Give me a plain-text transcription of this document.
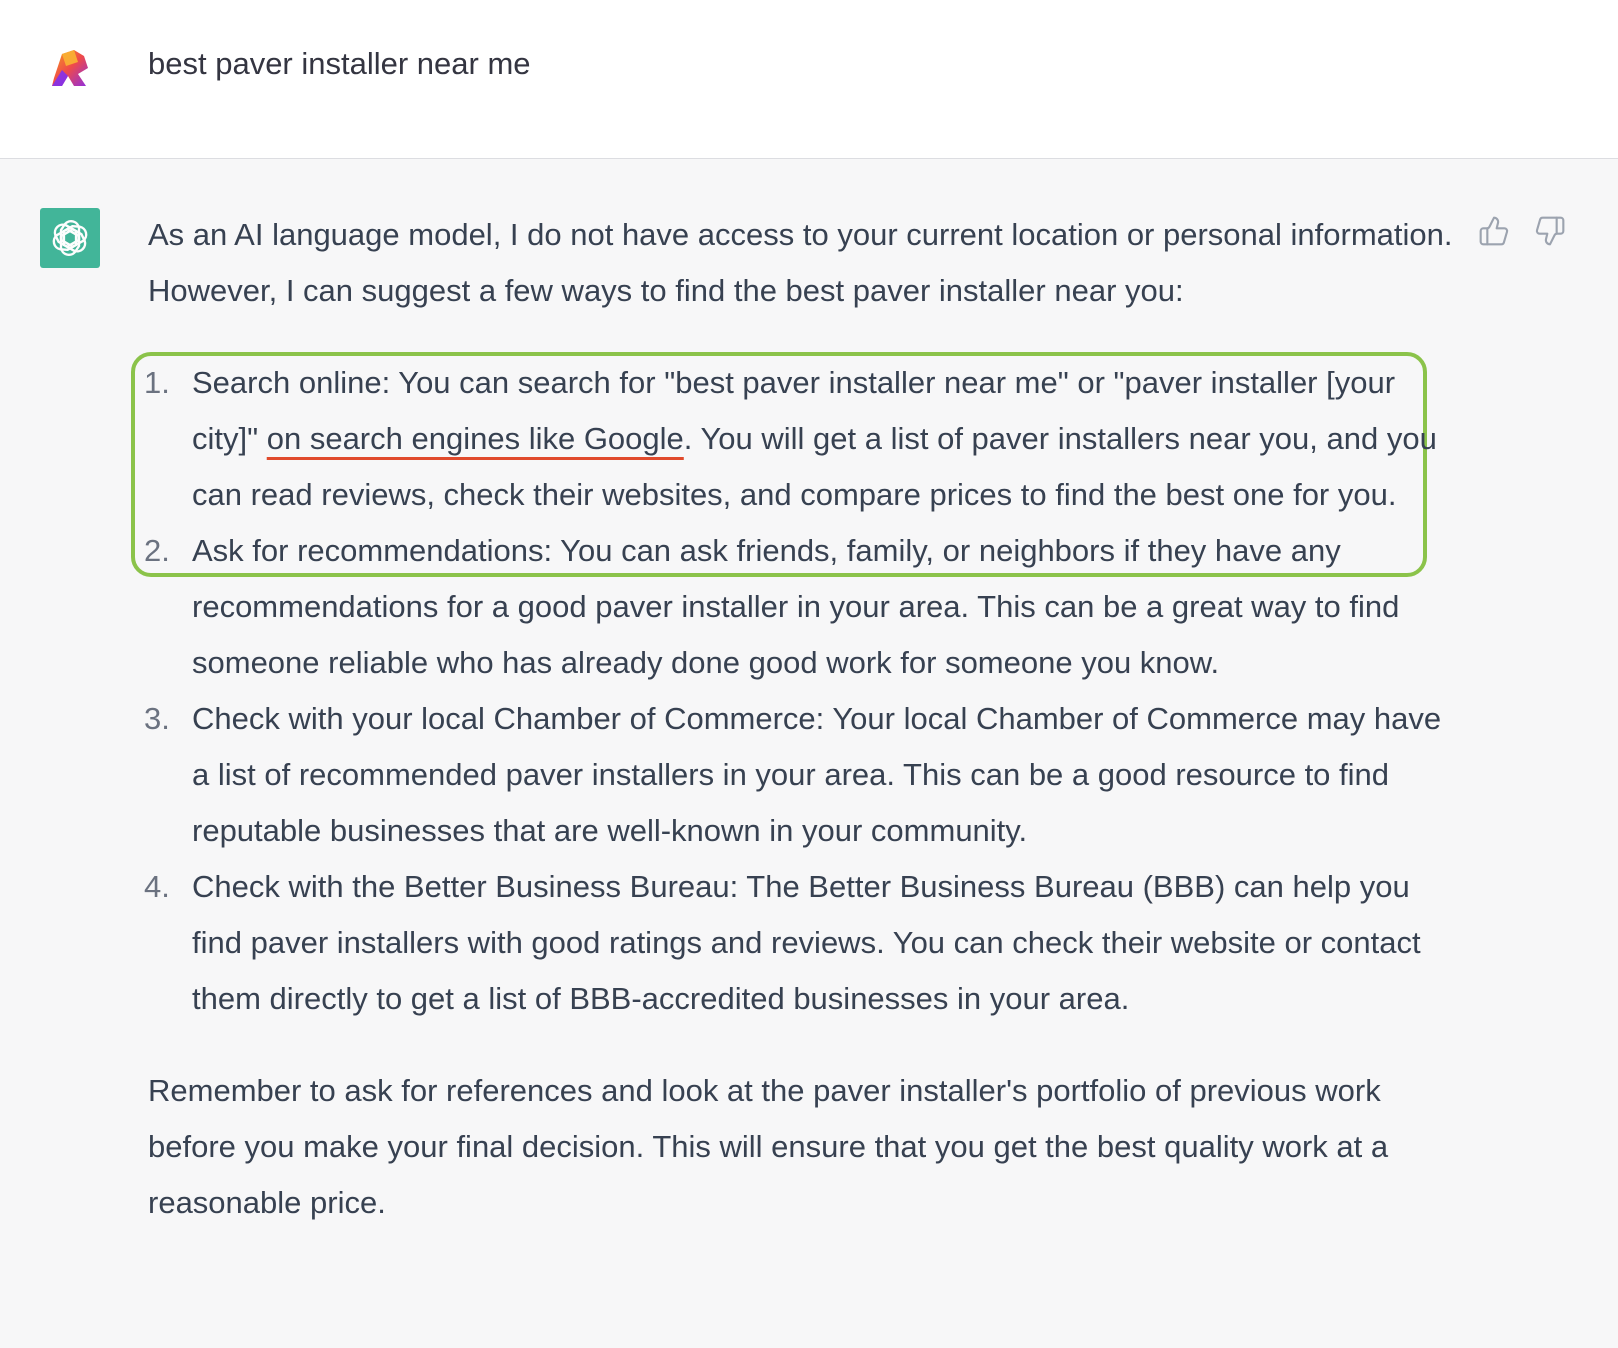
best paver installer near me

As an AI language model, I do not have access to your current location or personal information. However, I can suggest a few ways to find the best paver installer near you:

1. Search online: You can search for "best paver installer near me" or "paver installer [your city]" on search engines like Google. You will get a list of paver installers near you, and you can read reviews, check their websites, and compare prices to find the best one for you.
2. Ask for recommendations: You can ask friends, family, or neighbors if they have any recommendations for a good paver installer in your area. This can be a great way to find someone reliable who has already done good work for someone you know.
3. Check with your local Chamber of Commerce: Your local Chamber of Commerce may have a list of recommended paver installers in your area. This can be a good resource to find reputable businesses that are well-known in your community.
4. Check with the Better Business Bureau: The Better Business Bureau (BBB) can help you find paver installers with good ratings and reviews. You can check their website or contact them directly to get a list of BBB-accredited businesses in your area.

Remember to ask for references and look at the paver installer's portfolio of previous work before you make your final decision. This will ensure that you get the best quality work at a reasonable price.
